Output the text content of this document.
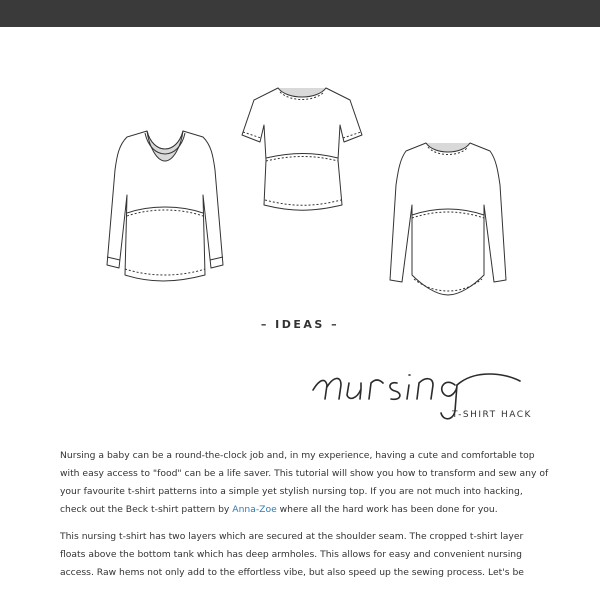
– IDEAS –
T-SHIRT HACK

Nursing a baby can be a round-the-clock job and, in my experience, having a cute and comfortable top with easy access to "food" can be a life saver. This tutorial will show you how to transform and sew any of your favourite t-shirt patterns into a simple yet stylish nursing top. If you are not much into hacking, check out the Beck t-shirt pattern by Anna-Zoe where all the hard work has been done for you.

This nursing t-shirt has two layers which are secured at the shoulder seam. The cropped t-shirt layer floats above the bottom tank which has deep armholes. This allows for easy and convenient nursing access. Raw hems not only add to the effortless vibe, but also speed up the sewing process. Let's be
